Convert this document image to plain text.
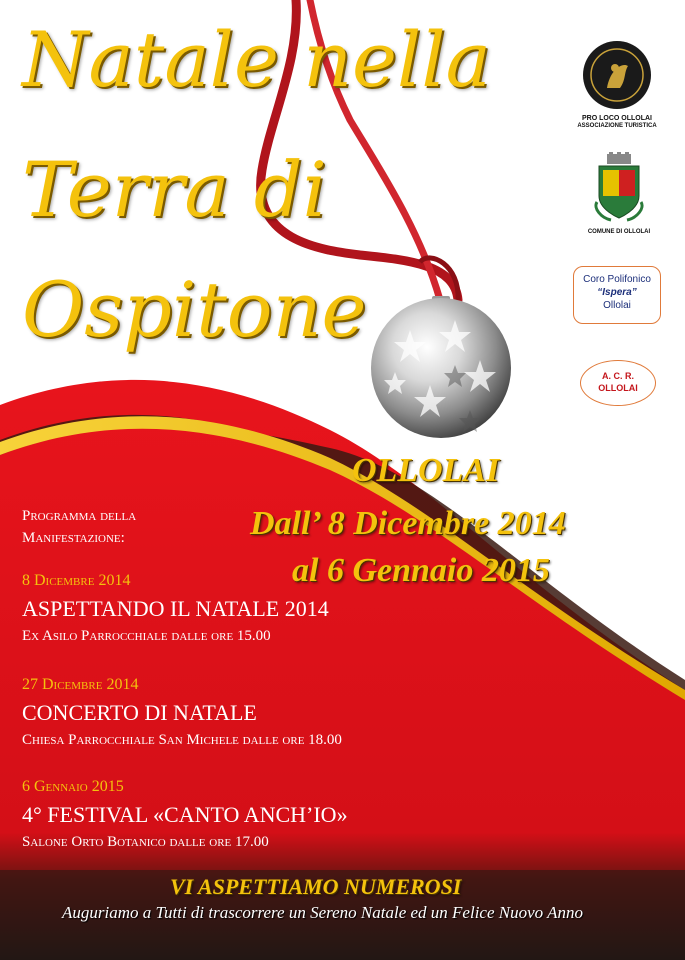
Natale nella
Terra di
Ospitone
PRO LOCO OLLOLAI
ASSOCIAZIONE TURISTICA
COMUNE DI OLLOLAI
Coro Polifonico
“Ispera”
Ollolai
A. C. R.
OLLOLAI
OLLOLAI
Dall’ 8 Dicembre 2014
al 6 Gennaio 2015
Programma della
Manifestazione:
8 Dicembre 2014
ASPETTANDO IL NATALE 2014
Ex Asilo Parrocchiale dalle ore 15.00
27 Dicembre 2014
CONCERTO DI NATALE
Chiesa Parrocchiale San Michele dalle ore 18.00
6 Gennaio 2015
4° FESTIVAL «CANTO ANCH’IO»
Salone Orto Botanico dalle ore 17.00
VI ASPETTIAMO NUMEROSI
Auguriamo a Tutti di trascorrere un Sereno Natale ed un Felice Nuovo Anno
